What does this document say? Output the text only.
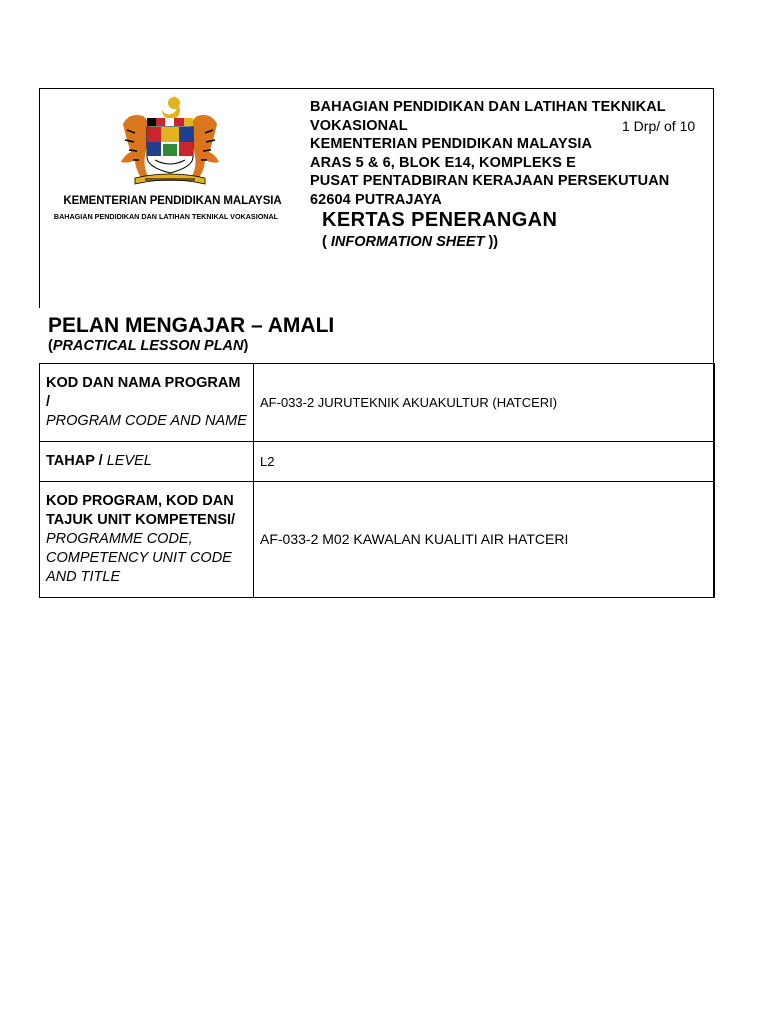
KEMENTERIAN PENDIDIKAN MALAYSIA
BAHAGIAN PENDIDIKAN DAN LATIHAN TEKNIKAL VOKASIONAL
BAHAGIAN PENDIDIKAN DAN LATIHAN TEKNIKAL
VOKASIONAL
KEMENTERIAN PENDIDIKAN MALAYSIA
ARAS 5 & 6, BLOK E14, KOMPLEKS E
PUSAT PENTADBIRAN KERAJAAN PERSEKUTUAN
62604 PUTRAJAYA
1 Drp/ of 10
KERTAS PENERANGAN
( INFORMATION SHEET ))
PELAN MENGAJAR – AMALI
(PRACTICAL LESSON PLAN)
KOD DAN NAMA PROGRAM /
PROGRAM CODE AND NAME	AF-033-2 JURUTEKNIK AKUAKULTUR (HATCERI)
TAHAP / LEVEL	L2
KOD PROGRAM, KOD DAN TAJUK UNIT KOMPETENSI/
PROGRAMME CODE, COMPETENCY UNIT CODE AND TITLE	AF-033-2 M02 KAWALAN KUALITI AIR HATCERI
